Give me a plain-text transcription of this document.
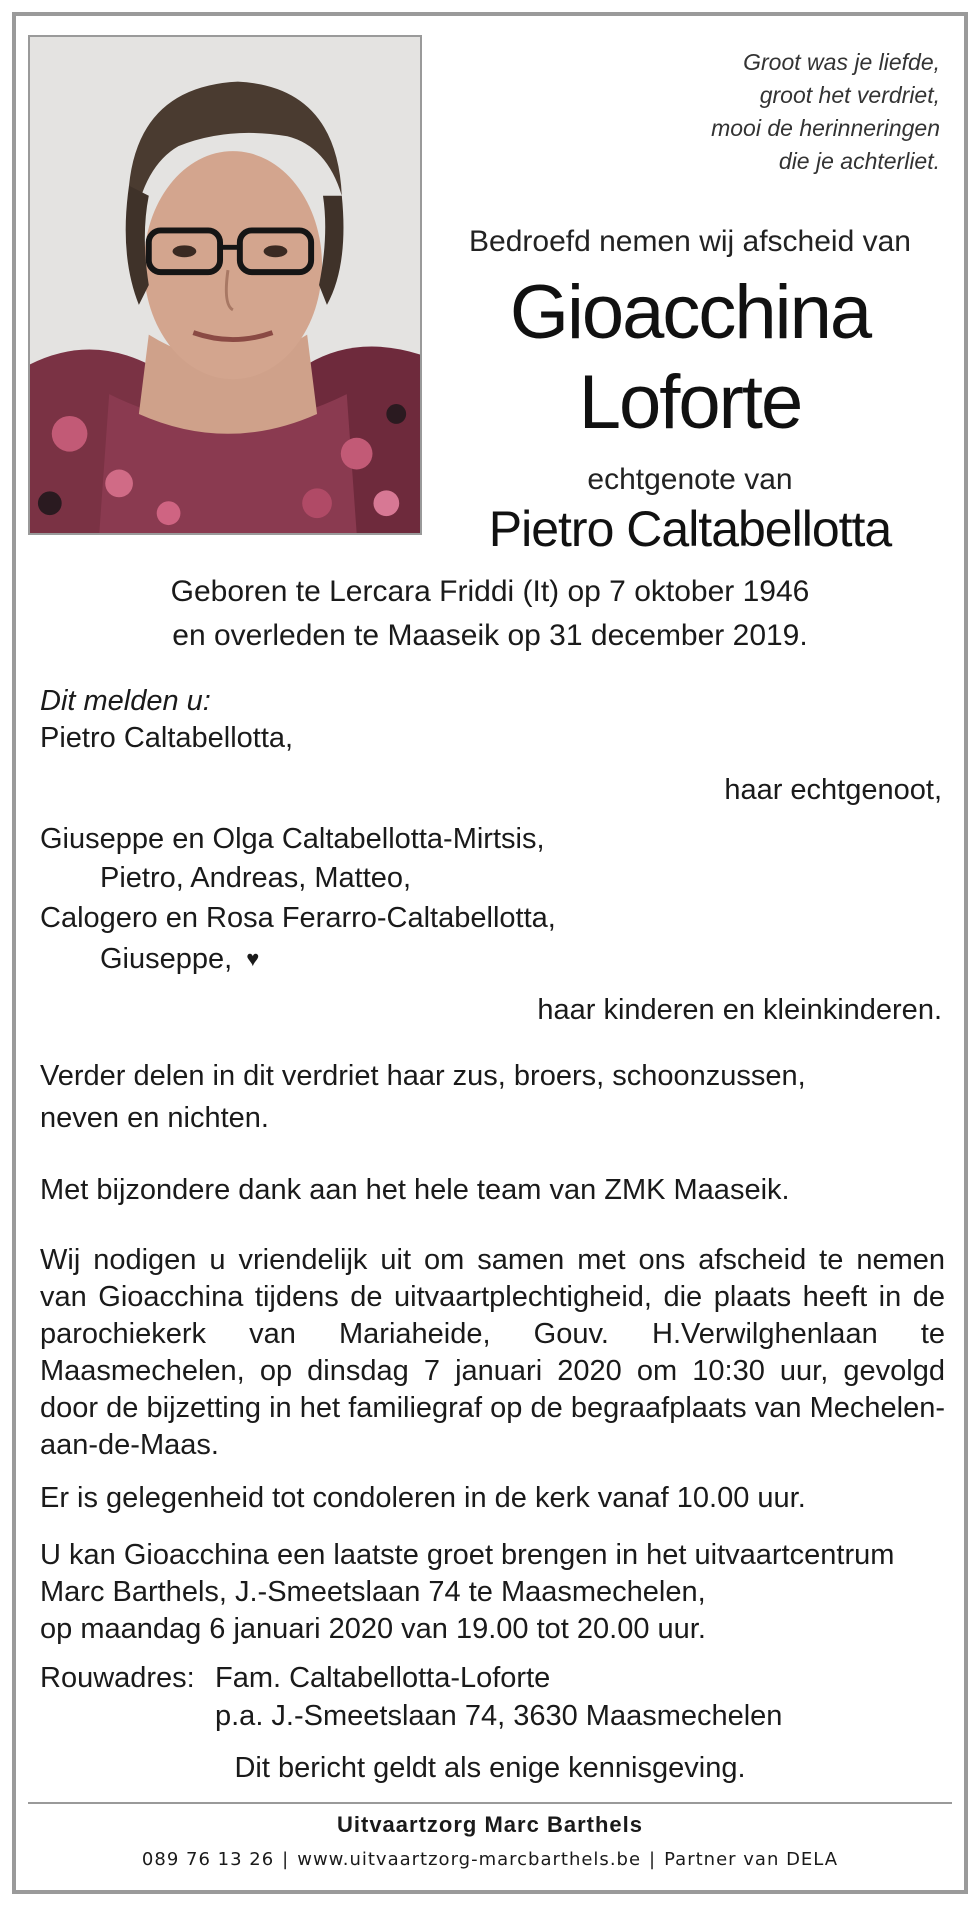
Groot was je liefde,
groot het verdriet,
mooi de herinneringen
die je achterliet.
Bedroefd nemen wij afscheid van
Gioacchina
Loforte
echtgenote van
Pietro Caltabellotta
Geboren te Lercara Friddi (It) op 7 oktober 1946
en overleden te Maaseik op 31 december 2019.
Dit melden u:
Pietro Caltabellotta,
haar echtgenoot,
Giuseppe en Olga Caltabellotta-Mirtsis,
Pietro, Andreas, Matteo,
Calogero en Rosa Ferarro-Caltabellotta,
Giuseppe, ♥
haar kinderen en kleinkinderen.
Verder delen in dit verdriet haar zus, broers, schoonzussen,
neven en nichten.
Met bijzondere dank aan het hele team van ZMK Maaseik.
Wij nodigen u vriendelijk uit om samen met ons afscheid te nemen van Gioacchina tijdens de uitvaartplechtigheid, die plaats heeft in de parochiekerk van Mariaheide, Gouv. H.Verwilghenlaan te Maasmechelen, op dinsdag 7 januari 2020 om 10:30 uur, gevolgd door de bijzetting in het familiegraf op de begraafplaats van Mechelen-aan-de-Maas.
Er is gelegenheid tot condoleren in de kerk vanaf 10.00 uur.
U kan Gioacchina een laatste groet brengen in het uitvaartcentrum
Marc Barthels, J.-Smeetslaan 74 te Maasmechelen,
op maandag 6 januari 2020 van 19.00 tot 20.00 uur.
Rouwadres: Fam. Caltabellotta-Loforte
p.a. J.-Smeetslaan 74, 3630 Maasmechelen
Dit bericht geldt als enige kennisgeving.
Uitvaartzorg Marc Barthels
089 76 13 26 | www.uitvaartzorg-marcbarthels.be | Partner van DELA
